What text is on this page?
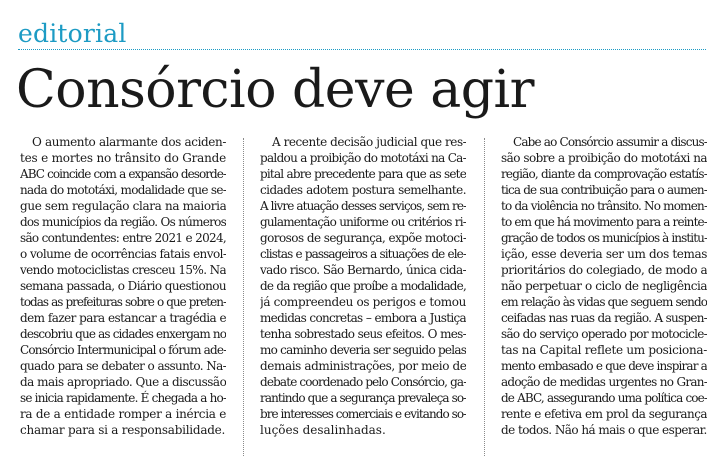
editorial
Consórcio deve agir
O aumento alarmante dos aciden-
tes e mortes no trânsito do Grande
ABC coincide com a expansão desorde-
nada do mototáxi, modalidade que se-
gue sem regulação clara na maioria
dos municípios da região. Os números
são contundentes: entre 2021 e 2024,
o volume de ocorrências fatais envol-
vendo motociclistas cresceu 15%. Na
semana passada, o Diário questionou
todas as prefeituras sobre o que preten-
dem fazer para estancar a tragédia e
descobriu que as cidades enxergam no
Consórcio Intermunicipal o fórum ade-
quado para se debater o assunto. Na-
da mais apropriado. Que a discussão
se inicia rapidamente. É chegada a ho-
ra de a entidade romper a inércia e
chamar para si a responsabilidade.
A recente decisão judicial que res-
paldou a proibição do mototáxi na Ca-
pital abre precedente para que as sete
cidades adotem postura semelhante.
A livre atuação desses serviços, sem re-
gulamentação uniforme ou critérios ri-
gorosos de segurança, expõe motoci-
clistas e passageiros a situações de ele-
vado risco. São Bernardo, única cida-
de da região que proíbe a modalidade,
já compreendeu os perigos e tomou
medidas concretas – embora a Justiça
tenha sobrestado seus efeitos. O mes-
mo caminho deveria ser seguido pelas
demais administrações, por meio de
debate coordenado pelo Consórcio, ga-
rantindo que a segurança prevaleça so-
bre interesses comerciais e evitando so-
luções desalinhadas.
Cabe ao Consórcio assumir a discus-
são sobre a proibição do mototáxi na
região, diante da comprovação estatís-
tica de sua contribuição para o aumen-
to da violência no trânsito. No momen-
to em que há movimento para a reinte-
gração de todos os municípios à institu-
ição, esse deveria ser um dos temas
prioritários do colegiado, de modo a
não perpetuar o ciclo de negligência
em relação às vidas que seguem sendo
ceifadas nas ruas da região. A suspen-
são do serviço operado por motocicle-
tas na Capital reflete um posiciona-
mento embasado e que deve inspirar a
adoção de medidas urgentes no Gran-
de ABC, assegurando uma política coe-
rente e efetiva em prol da segurança
de todos. Não há mais o que esperar.
